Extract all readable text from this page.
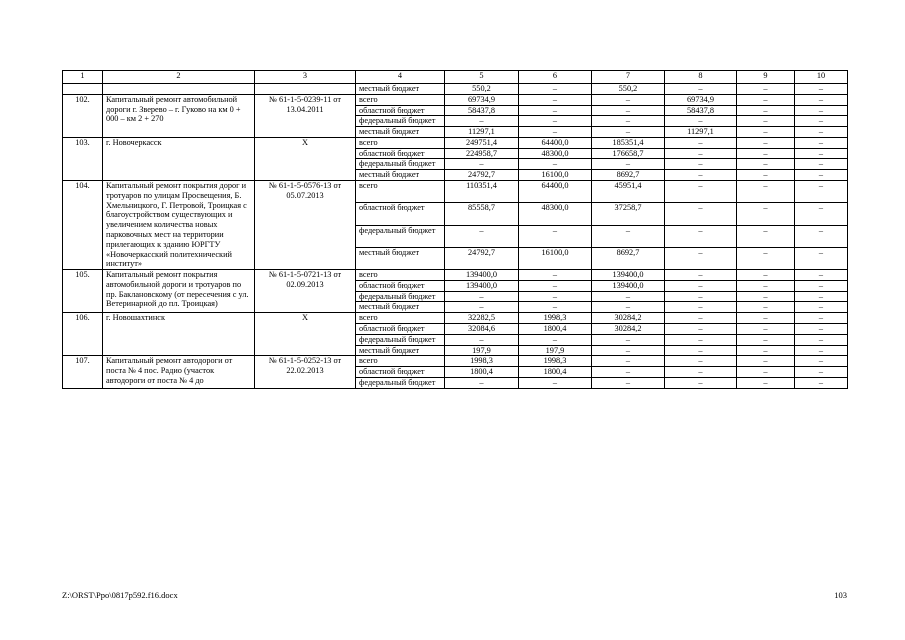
1	2	3	4	5	6	7	8	9	10
			местный бюджет	550,2	–	550,2	–	–	–
102.	Капитальный ремонт автомобильной дороги г. Зверево – г. Гуково на км 0 + 000 – км 2 + 270	№ 61-1-5-0239-11 от 13.04.2011	всего	69734,9	–	–	69734,9	–	–
			областной бюджет	58437,8	–	–	58437,8	–	–
			федеральный бюджет	–	–	–	–	–	–
			местный бюджет	11297,1	–	–	11297,1	–	–
103.	г. Новочеркасск	Х	всего	249751,4	64400,0	185351,4	–	–	–
			областной бюджет	224958,7	48300,0	176658,7	–	–	–
			федеральный бюджет	–	–	–	–	–	–
			местный бюджет	24792,7	16100,0	8692,7	–	–	–
104.	Капитальный ремонт покрытия дорог и тротуаров по улицам Просвещения, Б. Хмельницкого, Г. Петровой, Троицкая с благоустройством существующих и увеличением количества новых парковочных мест на территории прилегающих к зданию ЮРГТУ «Новочеркасский политехнический институт»	№ 61-1-5-0576-13 от 05.07.2013	всего	110351,4	64400,0	45951,4	–	–	–
			областной бюджет	85558,7	48300,0	37258,7	–	–	–
			федеральный бюджет	–	–	–	–	–	–
			местный бюджет	24792,7	16100,0	8692,7	–	–	–
105.	Капитальный ремонт покрытия автомобильной дороги и тротуаров по пр. Баклановскому (от пересечения с ул. Ветеринарной до пл. Троицкая)	№ 61-1-5-0721-13 от 02.09.2013	всего	139400,0	–	139400,0	–	–	–
			областной бюджет	139400,0	–	139400,0	–	–	–
			федеральный бюджет	–	–	–	–	–	–
			местный бюджет	–	–	–	–	–	–
106.	г. Новошахтинск	Х	всего	32282,5	1998,3	30284,2	–	–	–
			областной бюджет	32084,6	1800,4	30284,2	–	–	–
			федеральный бюджет	–	–	–	–	–	–
			местный бюджет	197,9	197,9	–	–	–	–
107.	Капитальный ремонт автодороги от поста № 4 пос. Радио (участок автодороги от поста № 4 до	№ 61-1-5-0252-13 от 22.02.2013	всего	1998,3	1998,3	–	–	–	–
			областной бюджет	1800,4	1800,4	–	–	–	–
			федеральный бюджет	–	–	–	–	–	–
Z:\ORST\Ppo\0817p592.f16.docx	103
